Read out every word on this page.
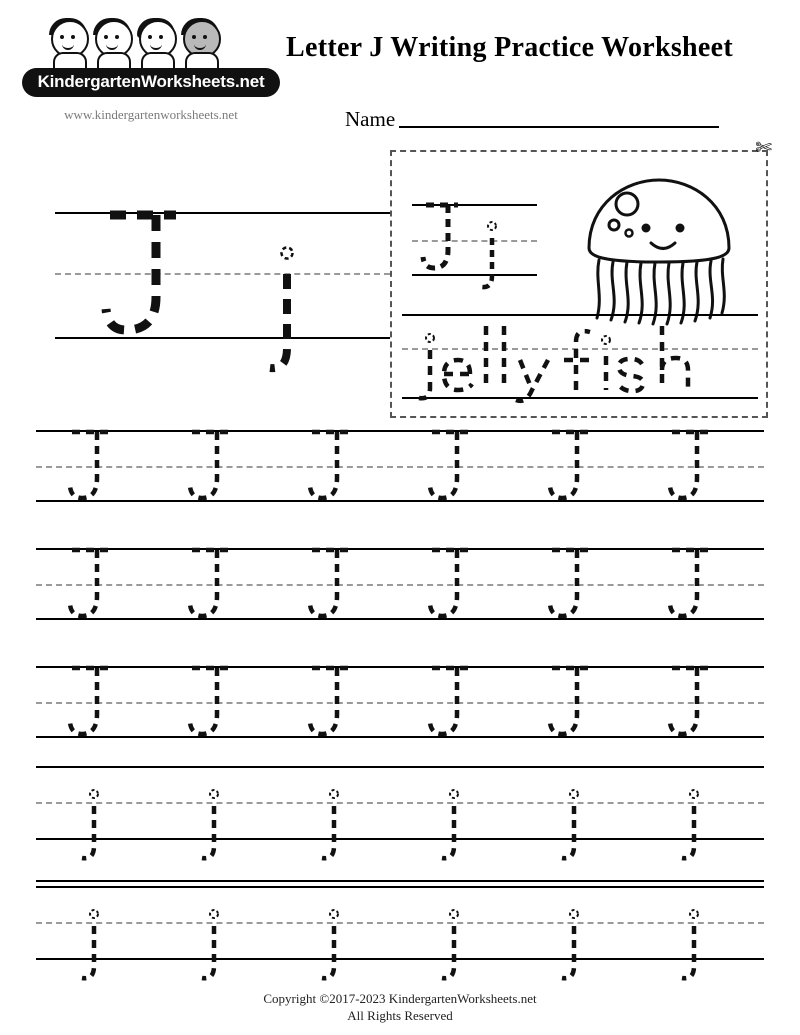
KindergartenWorksheets.net
www.kindergartenworksheets.net
Letter J Writing Practice Worksheet
Name
✄
Copyright ©2017-2023 KindergartenWorksheets.net
All Rights Reserved
